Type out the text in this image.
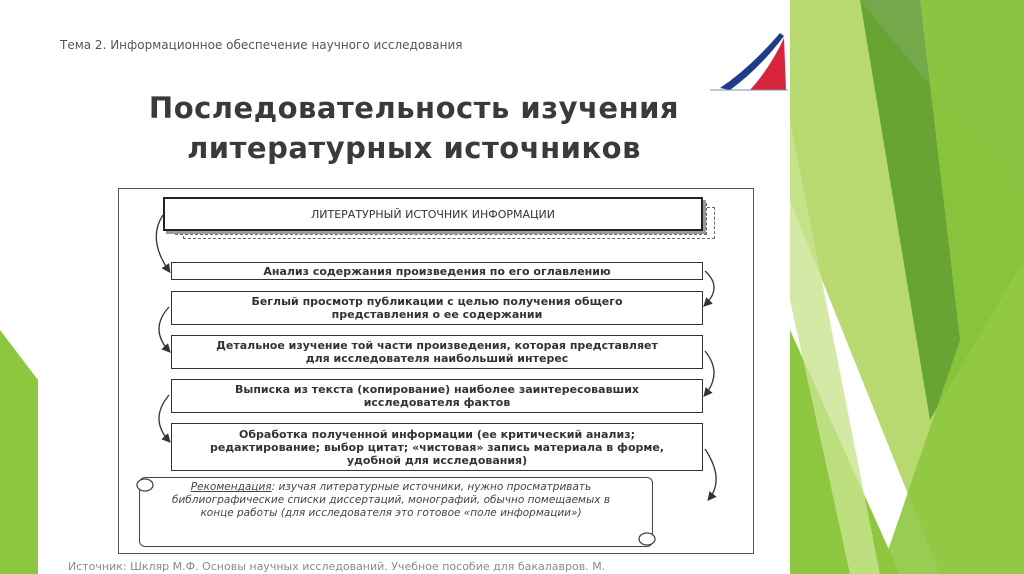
Тема 2. Информационное обеспечение научного исследования
Последовательность изучения
литературных источников
ЛИТЕРАТУРНЫЙ ИСТОЧНИК ИНФОРМАЦИИ
Анализ содержания произведения по его оглавлению
Беглый просмотр публикации с целью получения общего представления о ее содержании
Детальное изучение той части произведения, которая представляет для исследователя наибольший интерес
Выписка из текста (копирование) наиболее заинтересовавших исследователя фактов
Обработка полученной информации (ее критический анализ; редактирование; выбор цитат; «чистовая» запись материала в форме, удобной для исследования)
Рекомендация: изучая литературные источники, нужно просматривать библиографические списки диссертаций, монографий, обычно помещаемых в конце работы (для исследователя это готовое «поле информации»)
Источник: Шкляр М.Ф. Основы научных исследований. Учебное пособие для бакалавров. М.
